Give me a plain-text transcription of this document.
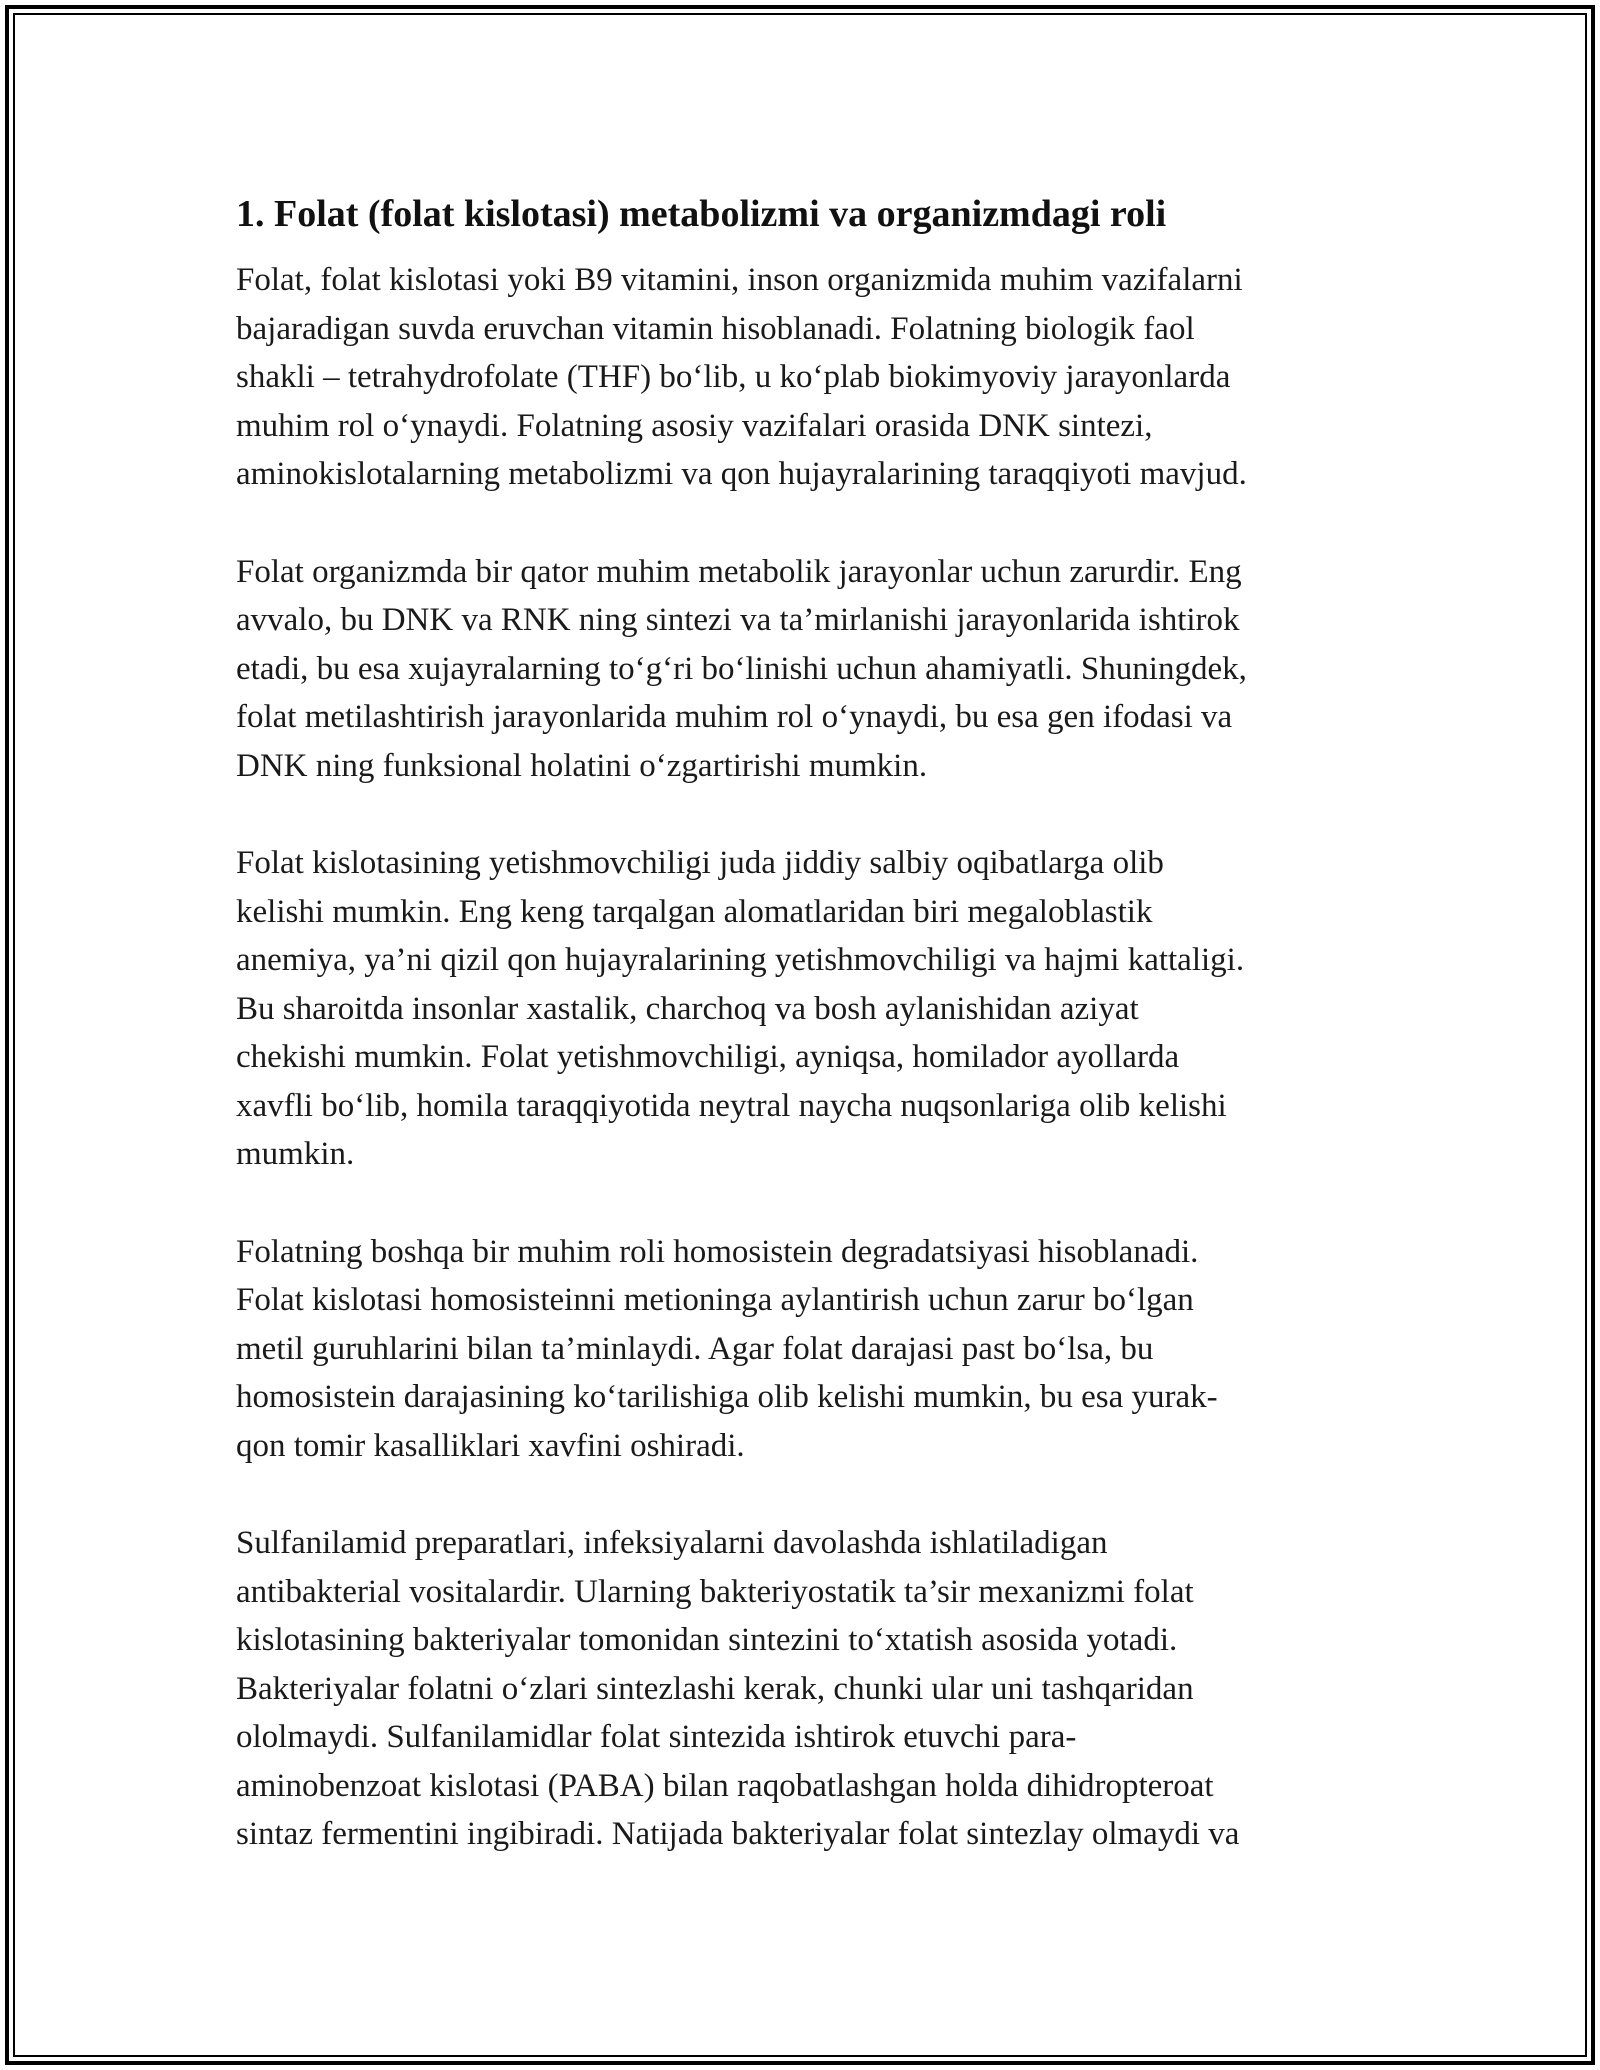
1. Folat (folat kislotasi) metabolizmi va organizmdagi roli

Folat, folat kislotasi yoki B9 vitamini, inson organizmida muhim vazifalarni
bajaradigan suvda eruvchan vitamin hisoblanadi. Folatning biologik faol
shakli – tetrahydrofolate (THF) bo‘lib, u ko‘plab biokimyoviy jarayonlarda
muhim rol o‘ynaydi. Folatning asosiy vazifalari orasida DNK sintezi,
aminokislotalarning metabolizmi va qon hujayralarining taraqqiyoti mavjud.

Folat organizmda bir qator muhim metabolik jarayonlar uchun zarurdir. Eng
avvalo, bu DNK va RNK ning sintezi va ta’mirlanishi jarayonlarida ishtirok
etadi, bu esa xujayralarning to‘g‘ri bo‘linishi uchun ahamiyatli. Shuningdek,
folat metilashtirish jarayonlarida muhim rol o‘ynaydi, bu esa gen ifodasi va
DNK ning funksional holatini o‘zgartirishi mumkin.

Folat kislotasining yetishmovchiligi juda jiddiy salbiy oqibatlarga olib
kelishi mumkin. Eng keng tarqalgan alomatlaridan biri megaloblastik
anemiya, ya’ni qizil qon hujayralarining yetishmovchiligi va hajmi kattaligi.
Bu sharoitda insonlar xastalik, charchoq va bosh aylanishidan aziyat
chekishi mumkin. Folat yetishmovchiligi, ayniqsa, homilador ayollarda
xavfli bo‘lib, homila taraqqiyotida neytral naycha nuqsonlariga olib kelishi
mumkin.

Folatning boshqa bir muhim roli homosistein degradatsiyasi hisoblanadi.
Folat kislotasi homosisteinni metioninga aylantirish uchun zarur bo‘lgan
metil guruhlarini bilan ta’minlaydi. Agar folat darajasi past bo‘lsa, bu
homosistein darajasining ko‘tarilishiga olib kelishi mumkin, bu esa yurak-
qon tomir kasalliklari xavfini oshiradi.

Sulfanilamid preparatlari, infeksiyalarni davolashda ishlatiladigan
antibakterial vositalardir. Ularning bakteriyostatik ta’sir mexanizmi folat
kislotasining bakteriyalar tomonidan sintezini to‘xtatish asosida yotadi.
Bakteriyalar folatni o‘zlari sintezlashi kerak, chunki ular uni tashqaridan
ololmaydi. Sulfanilamidlar folat sintezida ishtirok etuvchi para-
aminobenzoat kislotasi (PABA) bilan raqobatlashgan holda dihidropteroat
sintaz fermentini ingibiradi. Natijada bakteriyalar folat sintezlay olmaydi va
